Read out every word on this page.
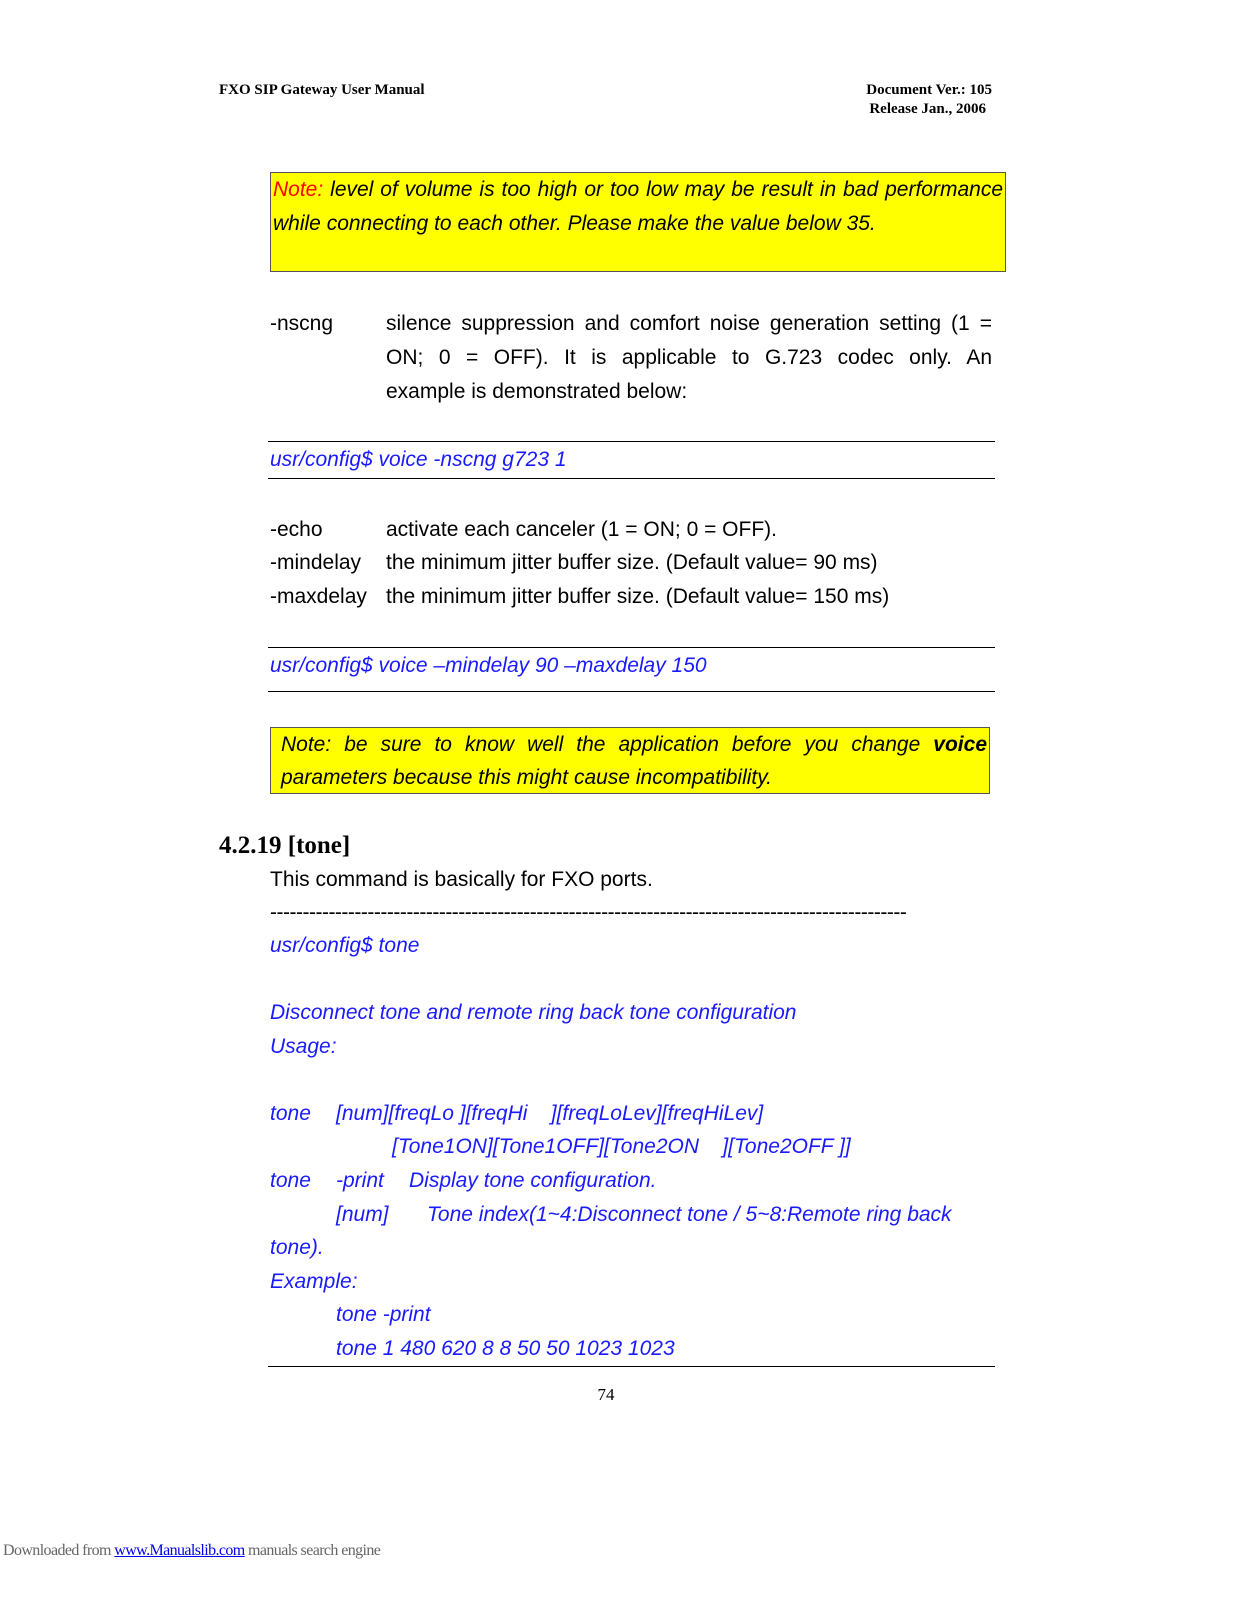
FXO SIP Gateway User Manual	Document Ver.: 105
Release Jan., 2006
Note: level of volume is too high or too low may be result in bad performance while connecting to each other. Please make the value below 35.
-nscng	silence suppression and comfort noise generation setting (1 =
ON; 0 = OFF). It is applicable to G.723 codec only. An
example is demonstrated below:
usr/config$ voice -nscng g723 1
-echo	activate each canceler (1 = ON; 0 = OFF).
-mindelay	the minimum jitter buffer size. (Default value= 90 ms)
-maxdelay the minimum jitter buffer size. (Default value= 150 ms)
usr/config$ voice –mindelay 90 –maxdelay 150
Note: be sure to know well the application before you change voice parameters because this might cause incompatibility.
4.2.19 [tone]
This command is basically for FXO ports.
--------------------------------------------------------------------------------------------------
usr/config$ tone
Disconnect tone and remote ring back tone configuration
Usage:
tone [num][freqLo ][freqHi    ][freqLoLev][freqHiLev]
[Tone1ON][Tone1OFF][Tone2ON    ][Tone2OFF ]]
tone -print Display tone configuration.
[num] Tone index(1~4:Disconnect tone / 5~8:Remote ring back
tone).
Example:
tone -print
tone 1 480 620 8 8 50 50 1023 1023
74
Downloaded from www.Manualslib.com manuals search engine
